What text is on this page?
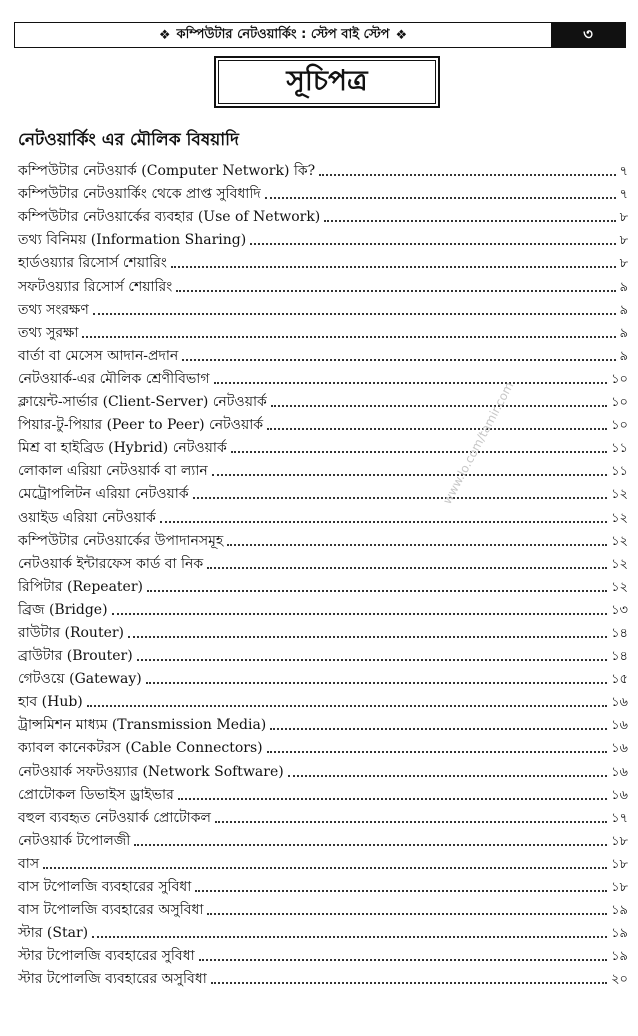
❖ কম্পিউটার নেটওয়ার্কিং : স্টেপ বাই স্টেপ ❖	৩
সূচিপত্র
নেটওয়ার্কিং এর মৌলিক বিষয়াদি
কম্পিউটার নেটওয়ার্ক (Computer Network) কি?	৭
কম্পিউটার নেটওয়ার্কিং থেকে প্রাপ্ত সুবিধাদি	৭
কম্পিউটার নেটওয়ার্কের ব্যবহার (Use of Network)	৮
তথ্য বিনিময় (Information Sharing)	৮
হার্ডওয়্যার রিসোর্স শেয়ারিং	৮
সফটওয়্যার রিসোর্স শেয়ারিং	৯
তথ্য সংরক্ষণ	৯
তথ্য সুরক্ষা	৯
বার্তা বা মেসেস আদান-প্রদান	৯
নেটওয়ার্ক-এর মৌলিক শ্রেণীবিভাগ	১০
ক্লায়েন্ট-সার্ভার (Client-Server) নেটওয়ার্ক	১০
পিয়ার-টু-পিয়ার (Peer to Peer) নেটওয়ার্ক	১০
মিশ্র বা হাইব্রিড (Hybrid) নেটওয়ার্ক	১১
লোকাল এরিয়া নেটওয়ার্ক বা ল্যান	১১
মেট্রোপলিটন এরিয়া নেটওয়ার্ক	১২
ওয়াইড এরিয়া নেটওয়ার্ক	১২
কম্পিউটার নেটওয়ার্কের উপাদানসমূহ	১২
নেটওয়ার্ক ইন্টারফেস কার্ড বা নিক	১২
রিপিটার (Repeater)	১২
ব্রিজ (Bridge)	১৩
রাউটার (Router)	১৪
ব্রাউটার (Brouter)	১৪
গেটওয়ে (Gateway)	১৫
হাব (Hub)	১৬
ট্রান্সমিশন মাধ্যম (Transmission Media)	১৬
ক্যাবল কানেকটরস (Cable Connectors)	১৬
নেটওয়ার্ক সফটওয়্যার (Network Software)	১৬
প্রোটোকল ডিভাইস ড্রাইভার	১৬
বহুল ব্যবহৃত নেটওয়ার্ক প্রোটোকল	১৭
নেটওয়ার্ক টপোলজী	১৮
বাস	১৮
বাস টপোলজি ব্যবহারের সুবিধা	১৮
বাস টপোলজি ব্যবহারের অসুবিধা	১৯
স্টার (Star)	১৯
স্টার টপোলজি ব্যবহারের সুবিধা	১৯
স্টার টপোলজি ব্যবহারের অসুবিধা	২০
www.lo.com/tamir.com
